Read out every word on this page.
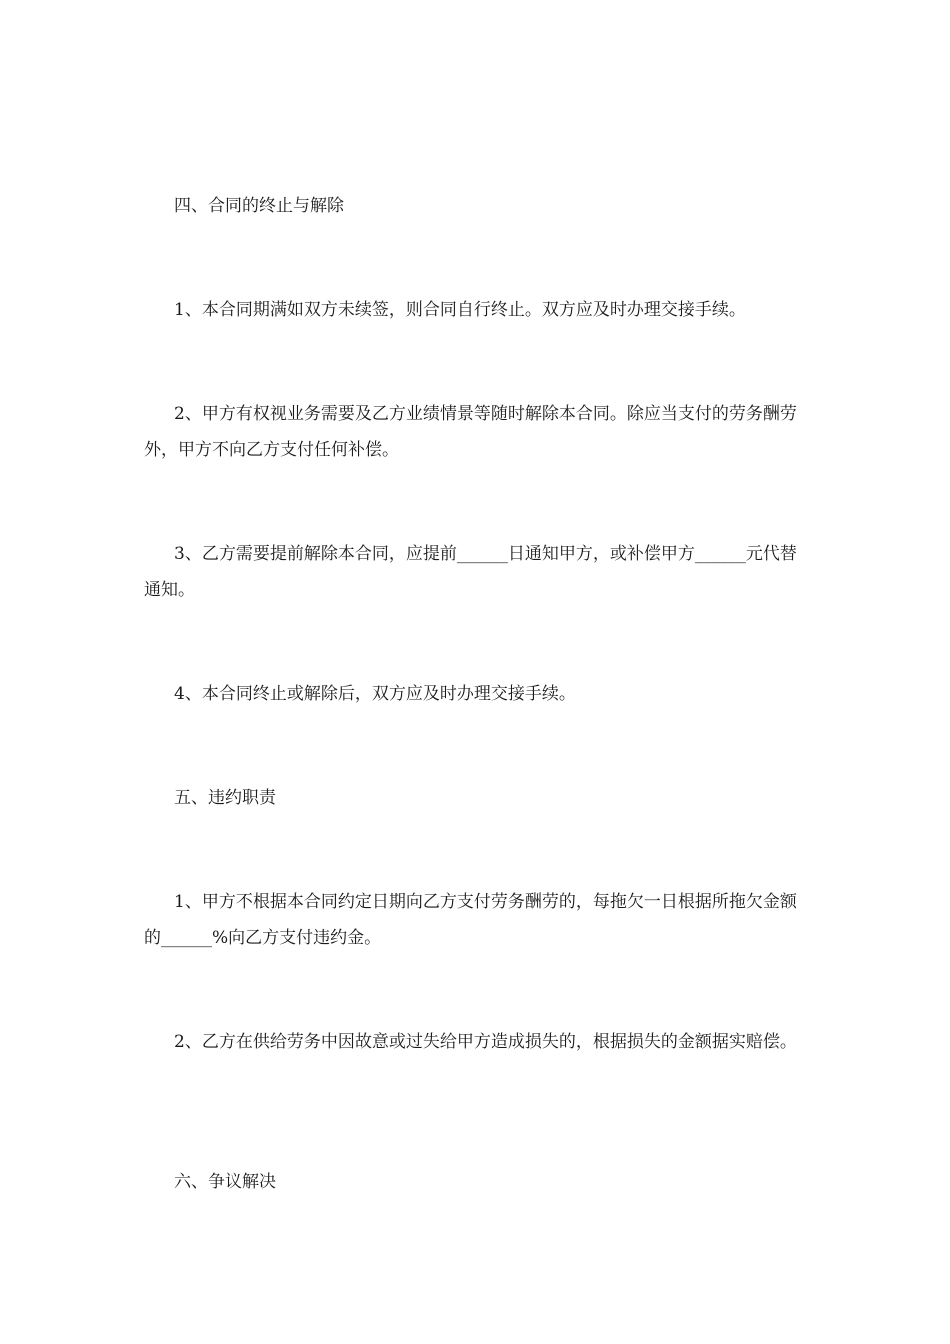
四、合同的终止与解除

1、本合同期满如双方未续签，则合同自行终止。双方应及时办理交接手续。

2、甲方有权视业务需要及乙方业绩情景等随时解除本合同。除应当支付的劳务酬劳外，甲方不向乙方支付任何补偿。

3、乙方需要提前解除本合同，应提前______日通知甲方，或补偿甲方______元代替通知。

4、本合同终止或解除后，双方应及时办理交接手续。

五、违约职责

1、甲方不根据本合同约定日期向乙方支付劳务酬劳的，每拖欠一日根据所拖欠金额的______%向乙方支付违约金。

2、乙方在供给劳务中因故意或过失给甲方造成损失的，根据损失的金额据实赔偿。

六、争议解决
